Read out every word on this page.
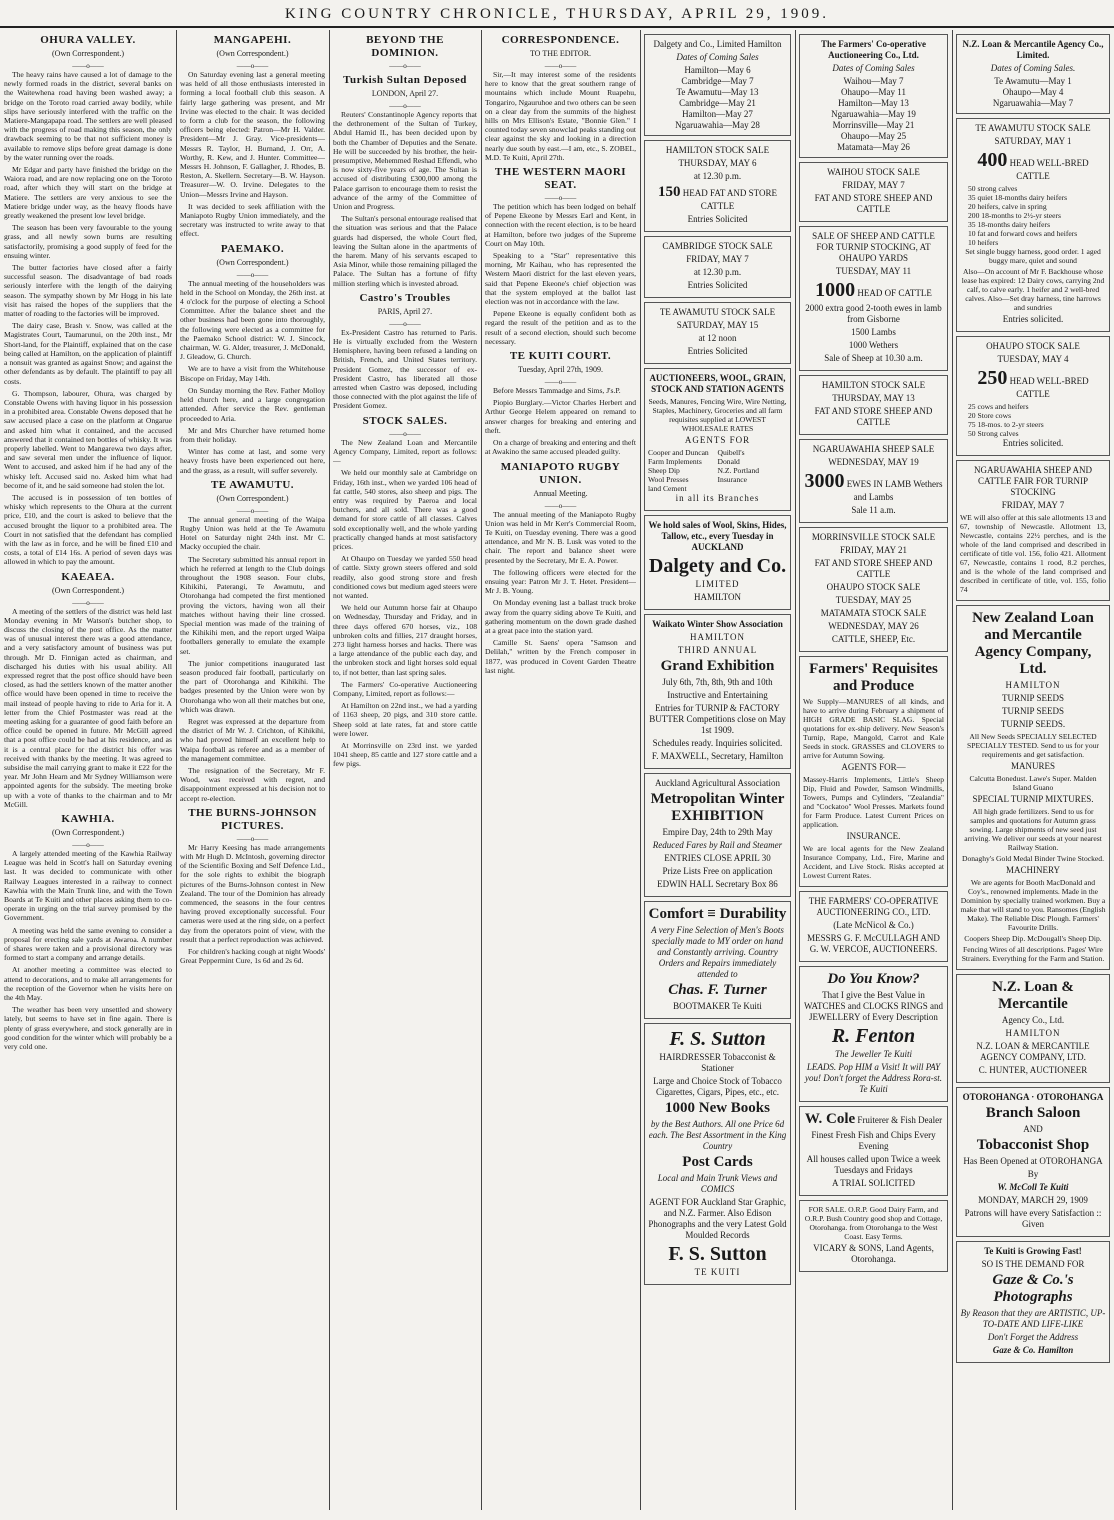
KING COUNTRY CHRONICLE, THURSDAY, APRIL 29, 1909.
OHURA VALLEY.
(Own Correspondent.)
——o——

The heavy rains have caused a lot of damage to the newly formed roads in the district, several banks on the Waitewhena road having been washed away; a bridge on the Toroto road carried away bodily, while slips have seriously interfered with the traffic on the Matiere-Mangapapa road. The settlers are well pleased with the progress of road making this season, the only drawback seeming to be that not sufficient money is available to remove slips before great damage is done by the water running over the roads.

Mr Edgar and party have finished the bridge on the Waiora road, and are now replacing one on the Toroto road, after which they will start on the bridge at Matiere. The settlers are very anxious to see the Matiere bridge under way, as the heavy floods have greatly weakened the present low level bridge.

The season has been very favourable to the young grass, and all newly sown burns are resulting satisfactorily, promising a good supply of feed for the ensuing winter.

The butter factories have closed after a fairly successful season. The disadvantage of bad roads seriously interfere with the length of the dairying season. The sympathy shown by Mr Hogg in his late visit has raised the hopes of the suppliers that the matter of roading to the factories will be improved.

The dairy case, Brash v. Snow, was called at the Magistrates Court, Taumarunui, on the 20th inst., Mr Short-land, for the Plaintiff, explained that on the case being called at Hamilton, on the application of plaintiff a nonsuit was granted as against Snow; and against the other defendants as by default. The plaintiff to pay all costs.

G. Thompson, labourer, Ohura, was charged by Constable Owens with having liquor in his possession in a prohibited area. Constable Owens deposed that he saw accused place a case on the platform at Ongarue and asked him what it contained, and the accused answered that it contained ten bottles of whisky. It was properly labelled. Went to Mangarewa two days after, and saw several men under the influence of liquor. Went to accused, and asked him if he had any of the whisky left. Accused said no. Asked him what had become of it, and he said someone had stolen the lot.

The accused is in possession of ten bottles of whisky which represents to the Ohura at the current price, £10, and the court is asked to believe that the accused brought the liquor to a prohibited area. The Court in not satisfied that the defendant has complied with the law as in force, and he will be fined £10 and costs, a total of £14 16s. A period of seven days was allowed in which to pay the amount.

KAEAEA.
(Own Correspondent.)
——o——

A meeting of the settlers of the district was held last Monday evening in Mr Watson's butcher shop, to discuss the closing of the post office. As the matter was of unusual interest there was a good attendance, and a very satisfactory amount of business was put through. Mr D. Finnigan acted as chairman, and discharged his duties with his usual ability. All expressed regret that the post office should have been closed, as had the settlers known of the matter another office would have been opened in time to receive the mail instead of people having to ride to Aria for it. A letter from the Chief Postmaster was read at the meeting asking for a guarantee of good faith before an office could be opened in future. Mr McGill agreed that a post office could be had at his residence, and as it is a central place for the district his offer was received with thanks by the meeting. It was agreed to subsidise the mail carrying grant to make it £22 for the year. Mr John Hearn and Mr Sydney Williamson were appointed agents for the subsidy. The meeting broke up with a vote of thanks to the chairman and to Mr McGill.

KAWHIA.
(Own Correspondent.)
——o——

A largely attended meeting of the Kawhia Railway League was held in Scott's hall on Saturday evening last. It was decided to communicate with other Railway Leagues interested in a railway to connect Kawhia with the Main Trunk line, and with the Town Boards at Te Kuiti and other places asking them to co-operate in urging on the trial survey promised by the Government.

A meeting was held the same evening to consider a proposal for erecting sale yards at Awaroa. A number of shares were taken and a provisional directory was formed to start a company and arrange details.

At another meeting a committee was elected to attend to decorations, and to make all arrangements for the reception of the Governor when he visits here on the 4th May.

The weather has been very unsettled and showery lately, but seems to have set in fine again. There is plenty of grass everywhere, and stock generally are in good condition for the winter which will probably be a very cold one.

MANGAPEHI.
(Own Correspondent.)
——o——

On Saturday evening last a general meeting was held of all those enthusiasts interested in forming a local football club this season. A fairly large gathering was present, and Mr Irvine was elected to the chair. It was decided to form a club for the season, the following officers being elected: Patron—Mr H. Valder. President—Mr J. Gray. Vice-presidents—Messrs R. Taylor, H. Burnand, J. Orr, A. Worthy, R. Kew, and J. Hunter. Committee—Messrs H. Johnson, F. Gallagher, J. Rhodes, B. Reston, A. Skellern. Secretary—B. W. Hayson. Treasurer—W. O. Irvine. Delegates to the Union—Messrs Irvine and Hayson.

It was decided to seek affiliation with the Maniapoto Rugby Union immediately, and the secretary was instructed to write away to that effect.

PAEMAKO.
(Own Correspondent.)
——o——

The annual meeting of the householders was held in the School on Monday, the 26th inst. at 4 o'clock for the purpose of electing a School Committee. After the balance sheet and the other business had been gone into thoroughly, the following were elected as a committee for the Paemako School district: W. J. Sincock, chairman, W. G. Alder, treasurer, J. McDonald, J. Gleadow, G. Church.

We are to have a visit from the Whitehouse Biscope on Friday, May 14th.

On Sunday morning the Rev. Father Molloy held church here, and a large congregation attended. After service the Rev. gentleman proceeded to Aria.

Mr and Mrs Churcher have returned home from their holiday.

Winter has come at last, and some very heavy frosts have been experienced out here, and the grass, as a result, will suffer severely.

TE AWAMUTU.
(Own Correspondent.)
——o——

The annual general meeting of the Waipa Rugby Union was held at the Te Awamutu Hotel on Saturday night 24th inst. Mr C. Macky occupied the chair.

The Secretary submitted his annual report in which he referred at length to the Club doings throughout the 1908 season. Four clubs, Kihikihi, Paterangi, Te Awamutu, and Otorohanga had competed the first mentioned proving the victors, having won all their matches without having their line crossed. Special mention was made of the training of the Kihikihi men, and the report urged Waipa footballers generally to emulate the example set.

The junior competitions inaugurated last season produced fair football, particularly on the part of Otorohanga and Kihikihi. The badges presented by the Union were won by Otorohanga who won all their matches but one, which was drawn.

Regret was expressed at the departure from the district of Mr W. J. Crichton, of Kihikihi, who had proved himself an excellent help to Waipa football as referee and as a member of the management committee.

The resignation of the Secretary, Mr F. Wood, was received with regret, and disappointment expressed at his decision not to accept re-election.

THE BURNS-JOHNSON PICTURES.
——o——

Mr Harry Keesing has made arrangements with Mr Hugh D. McIntosh, governing director of the Scientific Boxing and Self Defence Ltd., for the sole rights to exhibit the biograph pictures of the Burns-Johnson contest in New Zealand. The tour of the Dominion has already commenced, the seasons in the four centres having proved exceptionally successful. Four cameras were used at the ring side, on a perfect day from the operators point of view, with the result that a perfect reproduction was achieved.

For children's hacking cough at night Woods' Great Peppermint Cure, 1s 6d and 2s 6d.

BEYOND THE DOMINION.
——o——
Turkish Sultan Deposed
LONDON, April 27.
——o——

Reuters' Constantinople Agency reports that the dethronement of the Sultan of Turkey, Abdul Hamid II., has been decided upon by both the Chamber of Deputies and the Senate. He will be succeeded by his brother, the heir-presumptive, Mehemmed Reshad Effendi, who is now sixty-five years of age. The Sultan is accused of distributing £300,000 among the Palace garrison to encourage them to resist the advance of the army of the Committee of Union and Progress.

The Sultan's personal entourage realised that the situation was serious and that the Palace guards had dispersed, the whole Court fled, leaving the Sultan alone in the apartments of the harem. Many of his servants escaped to Asia Minor, while those remaining pillaged the Palace. The Sultan has a fortune of fifty million sterling which is invested abroad.

Castro's Troubles
PARIS, April 27.
——o——

Ex-President Castro has returned to Paris. He is virtually excluded from the Western Hemisphere, having been refused a landing on British, French, and United States territory. President Gomez, the successor of ex-President Castro, has liberated all those arrested when Castro was deposed, including those connected with the plot against the life of President Gomez.

STOCK SALES.
——o——

The New Zealand Loan and Mercantile Agency Company, Limited, report as follows:—

We held our monthly sale at Cambridge on Friday, 16th inst., when we yarded 106 head of fat cattle, 540 stores, also sheep and pigs. The entry was required by Paeroa and local butchers, and all sold. There was a good demand for store cattle of all classes. Calves sold exceptionally well, and the whole yarding practically changed hands at most satisfactory prices.

At Ohaupo on Tuesday we yarded 550 head of cattle. Sixty grown steers offered and sold readily, also good strong store and fresh conditioned cows but medium aged steers were not wanted.

We held our Autumn horse fair at Ohaupo on Wednesday, Thursday and Friday, and in three days offered 670 horses, viz., 108 unbroken colts and fillies, 217 draught horses, 273 light harness horses and hacks. There was a large attendance of the public each day, and the unbroken stock and light horses sold equal to, if not better, than last spring sales.

The Farmers' Co-operative Auctioneering Company, Limited, report as follows:—

At Hamilton on 22nd inst., we had a yarding of 1163 sheep, 20 pigs, and 310 store cattle. Sheep sold at late rates, fat and store cattle were lower.

At Morrinsville on 23rd inst. we yarded 1041 sheep, 85 cattle and 127 store cattle and a few pigs.

CORRESPONDENCE.
TO THE EDITOR.
——o——

Sir,—It may interest some of the residents here to know that the great southern range of mountains which include Mount Ruapehu, Tongariro, Ngauruhoe and two others can be seen on a clear day from the summits of the highest hills on Mrs Ellison's Estate, "Bonnie Glen." I counted today seven snowclad peaks standing out clear against the sky and looking in a direction nearly due south by east.—I am, etc., S. ZOBEL, M.D. Te Kuiti, April 27th.

THE WESTERN MAORI SEAT.
——o——

The petition which has been lodged on behalf of Pepene Ekeone by Messrs Earl and Kent, in connection with the recent election, is to be heard at Hamilton, before two judges of the Supreme Court on May 10th.

Speaking to a "Star" representative this morning, Mr Kaihau, who has represented the Western Maori district for the last eleven years, said that Pepene Ekeone's chief objection was that the system employed at the ballot last election was not in accordance with the law.

Pepene Ekeone is equally confident both as regard the result of the petition and as to the result of a second election, should such become necessary.

TE KUITI COURT.
Tuesday, April 27th, 1909.
——o——

Before Messrs Tammadge and Sims, J's.P.

Piopio Burglary.—Victor Charles Herbert and Arthur George Helem appeared on remand to answer charges for breaking and entering and theft.

On a charge of breaking and entering and theft at Awakino the same accused pleaded guilty.

MANIAPOTO RUGBY UNION.
Annual Meeting.
——o——

The annual meeting of the Maniapoto Rugby Union was held in Mr Kerr's Commercial Room, Te Kuiti, on Tuesday evening. There was a good attendance, and Mr N. B. Lusk was voted to the chair. The report and balance sheet were presented by the Secretary, Mr E. A. Power.

The following officers were elected for the ensuing year: Patron Mr J. T. Hetet. President—Mr J. B. Young.

On Monday evening last a ballast truck broke away from the quarry siding above Te Kuiti, and gathering momentum on the down grade dashed at a great pace into the station yard.

Camille St. Saens' opera "Samson and Delilah," written by the French composer in 1877, was produced in Covent Garden Theatre last night.

Dalgety and Co., Limited Hamilton

Dates of Coming Sales

Hamilton—May 6
Cambridge—May 7
Te Awamutu—May 13
Cambridge—May 21
Hamilton—May 27
Ngaruawahia—May 28

HAMILTON STOCK SALE

THURSDAY, MAY 6

at 12.30 p.m.

150 HEAD FAT AND STORE CATTLE

Entries Solicited

CAMBRIDGE STOCK SALE

FRIDAY, MAY 7

at 12.30 p.m.

Entries Solicited

TE AWAMUTU STOCK SALE

SATURDAY, MAY 15

at 12 noon

Entries Solicited

AUCTIONEERS, WOOL, GRAIN, STOCK AND STATION AGENTS

Seeds, Manures, Fencing Wire, Wire Netting, Staples, Machinery, Groceries and all farm requisites supplied at LOWEST WHOLESALE RATES

AGENTS FOR

Cooper and Duncan Farm Implements
Sheep Dip
Wool Presses
land Cement
Quibell's
Donald
N.Z. Portland
Insurance

in all its Branches

We hold sales of Wool, Skins, Hides, Tallow, etc., every Tuesday in AUCKLAND

Dalgety and Co.

LIMITED

HAMILTON

Waikato Winter Show Association

HAMILTON

THIRD ANNUAL

Grand Exhibition

July 6th, 7th, 8th, 9th and 10th

Instructive and Entertaining

Entries for TURNIP & FACTORY BUTTER Competitions close on May 1st 1909.

Schedules ready. Inquiries solicited.

F. MAXWELL, Secretary, Hamilton

Auckland Agricultural Association

Metropolitan Winter EXHIBITION

Empire Day, 24th to 29th May

Reduced Fares by Rail and Steamer

ENTRIES CLOSE APRIL 30

Prize Lists Free on application

EDWIN HALL Secretary Box 86

Comfort ≡ Durability

A very Fine Selection of Men's Boots specially made to MY order on hand and Constantly arriving. Country Orders and Repairs immediately attended to

Chas. F. Turner

BOOTMAKER Te Kuiti

F. S. Sutton

HAIRDRESSER Tobacconist & Stationer

Large and Choice Stock of Tobacco Cigarettes, Cigars, Pipes, etc., etc.

1000 New Books

by the Best Authors. All one Price 6d each. The Best Assortment in the King Country

Post Cards

Local and Main Trunk Views and COMICS

AGENT FOR Auckland Star Graphic, and N.Z. Farmer. Also Edison Phonographs and the very Latest Gold Moulded Records

F. S. Sutton

TE KUITI

The Farmers' Co-operative Auctioneering Co., Ltd.

Dates of Coming Sales

Waihou—May 7
Ohaupo—May 11
Hamilton—May 13
Ngaruawahia—May 19
Morrinsville—May 21
Ohaupo—May 25
Matamata—May 26

WAIHOU STOCK SALE

FRIDAY, MAY 7

FAT AND STORE SHEEP AND CATTLE

SALE OF SHEEP AND CATTLE FOR TURNIP STOCKING, AT OHAUPO YARDS

TUESDAY, MAY 11

1000 HEAD OF CATTLE

2000 extra good 2-tooth ewes in lamb from Gisborne

1500 Lambs

1000 Wethers

Sale of Sheep at 10.30 a.m.

HAMILTON STOCK SALE

THURSDAY, MAY 13

FAT AND STORE SHEEP AND CATTLE

NGARUAWAHIA SHEEP SALE

WEDNESDAY, MAY 19

3000 EWES IN LAMB Wethers and Lambs

Sale 11 a.m.

MORRINSVILLE STOCK SALE

FRIDAY, MAY 21

FAT AND STORE SHEEP AND CATTLE

OHAUPO STOCK SALE

TUESDAY, MAY 25

MATAMATA STOCK SALE

WEDNESDAY, MAY 26

CATTLE, SHEEP, Etc.

Farmers' Requisites and Produce

We Supply—MANURES of all kinds, and have to arrive during February a shipment of HIGH GRADE BASIC SLAG. Special quotations for ex-ship delivery. New Season's Turnip, Rape, Mangold, Carrot and Kale Seeds in stock. GRASSES and CLOVERS to arrive for Autumn Sowing.

AGENTS FOR—

Massey-Harris Implements, Little's Sheep Dip, Fluid and Powder, Samson Windmills, Towers, Pumps and Cylinders, "Zealandia" and "Cockatoo" Wool Presses. Markets found for Farm Produce. Latest Current Prices on application.

INSURANCE.

We are local agents for the New Zealand Insurance Company, Ltd., Fire, Marine and Accident, and Live Stock. Risks accepted at Lowest Current Rates.

THE FARMERS' CO-OPERATIVE AUCTIONEERING CO., LTD.

(Late McNicol & Co.)

MESSRS G. F. McCULLAGH AND G. W. VERCOE, AUCTIONEERS.

Do You Know?

That I give the Best Value in WATCHES and CLOCKS RINGS and JEWELLERY of Every Description

R. Fenton

The Jeweller Te Kuiti

LEADS. Pop HIM a Visit! It will PAY you! Don't forget the Address Rora-st. Te Kuiti

W. Cole Fruiterer & Fish Dealer

Finest Fresh Fish and Chips Every Evening

All houses called upon Twice a week Tuesdays and Fridays

A TRIAL SOLICITED

FOR SALE. O.R.P. Good Dairy Farm, and O.R.P. Bush Country good shop and Cottage, Otorohanga. from Otorohanga to the West Coast. Easy Terms.

VICARY & SONS, Land Agents, Otorohanga.

N.Z. Loan & Mercantile Agency Co., Limited.

Dates of Coming Sales.

Te Awamutu—May 1
Ohaupo—May 4
Ngaruawahia—May 7

TE AWAMUTU STOCK SALE

SATURDAY, MAY 1

400 HEAD WELL-BRED CATTLE

50 strong calves
35 quiet 18-months dairy heifers
20 heifers, calve in spring
200 18-months to 2½-yr steers
35 18-months dairy heifers
10 fat and forward cows and heifers
10 heifers

Set single buggy harness, good order. 1 aged buggy mare, quiet and sound

Also—On account of Mr F. Backhouse whose lease has expired: 12 Dairy cows, carrying 2nd calf, to calve early. 1 heifer and 2 well-bred calves. Also—Set dray harness, tine harrows and sundries

Entries solicited.

OHAUPO STOCK SALE

TUESDAY, MAY 4

250 HEAD WELL-BRED CATTLE

25 cows and heifers
20 Store cows
75 18-mos. to 2-yr steers
50 Strong calves

Entries solicited.

NGARUAWAHIA SHEEP AND CATTLE FAIR FOR TURNIP STOCKING

FRIDAY, MAY 7

WE will also offer at this sale allotments 13 and 67, township of Newcastle. Allotment 13, Newcastle, contains 22½ perches, and is the whole of the land comprised and described in certificate of title vol. 156, folio 421. Allotment 67, Newcastle, contains 1 rood, 8.2 perches, and is the whole of the land comprised and described in certificate of title, vol. 155, folio 74

New Zealand Loan and Mercantile Agency Company, Ltd.

HAMILTON

TURNIP SEEDS

TURNIP SEEDS

TURNIP SEEDS.

All New Seeds SPECIALLY SELECTED SPECIALLY TESTED. Send to us for your requirements and get satisfaction.

MANURES

Calcutta Bonedust. Lawe's Super. Malden Island Guano

SPECIAL TURNIP MIXTURES.

All high grade fertilizers. Send to us for samples and quotations for Autumn grass sowing. Large shipments of new seed just arriving. We deliver our seeds at your nearest Railway Station.

Donaghy's Gold Medal Binder Twine Stocked.

MACHINERY

We are agents for Booth MacDonald and Coy's., renowned implements. Made in the Dominion by specially trained workmen. Buy a make that will stand to you. Ransomes (English Make). The Reliable Disc Plough. Farmers' Favourite Drills.

Coopers Sheep Dip. McDougall's Sheep Dip.

Fencing Wires of all descriptions. Pages' Wire Strainers. Everything for the Farm and Station.

N.Z. Loan & Mercantile

Agency Co., Ltd.

HAMILTON

N.Z. LOAN & MERCANTILE AGENCY COMPANY, LTD.

C. HUNTER, AUCTIONEER

OTOROHANGA · OTOROHANGA

Branch Saloon

AND

Tobacconist Shop

Has Been Opened at OTOROHANGA

By

W. McColl Te Kuiti

MONDAY, MARCH 29, 1909

Patrons will have every Satisfaction :: Given

Te Kuiti is Growing Fast!

SO IS THE DEMAND FOR

Gaze & Co.'s Photographs

By Reason that they are ARTISTIC, UP-TO-DATE AND LIFE-LIKE

Don't Forget the Address

Gaze & Co. Hamilton
